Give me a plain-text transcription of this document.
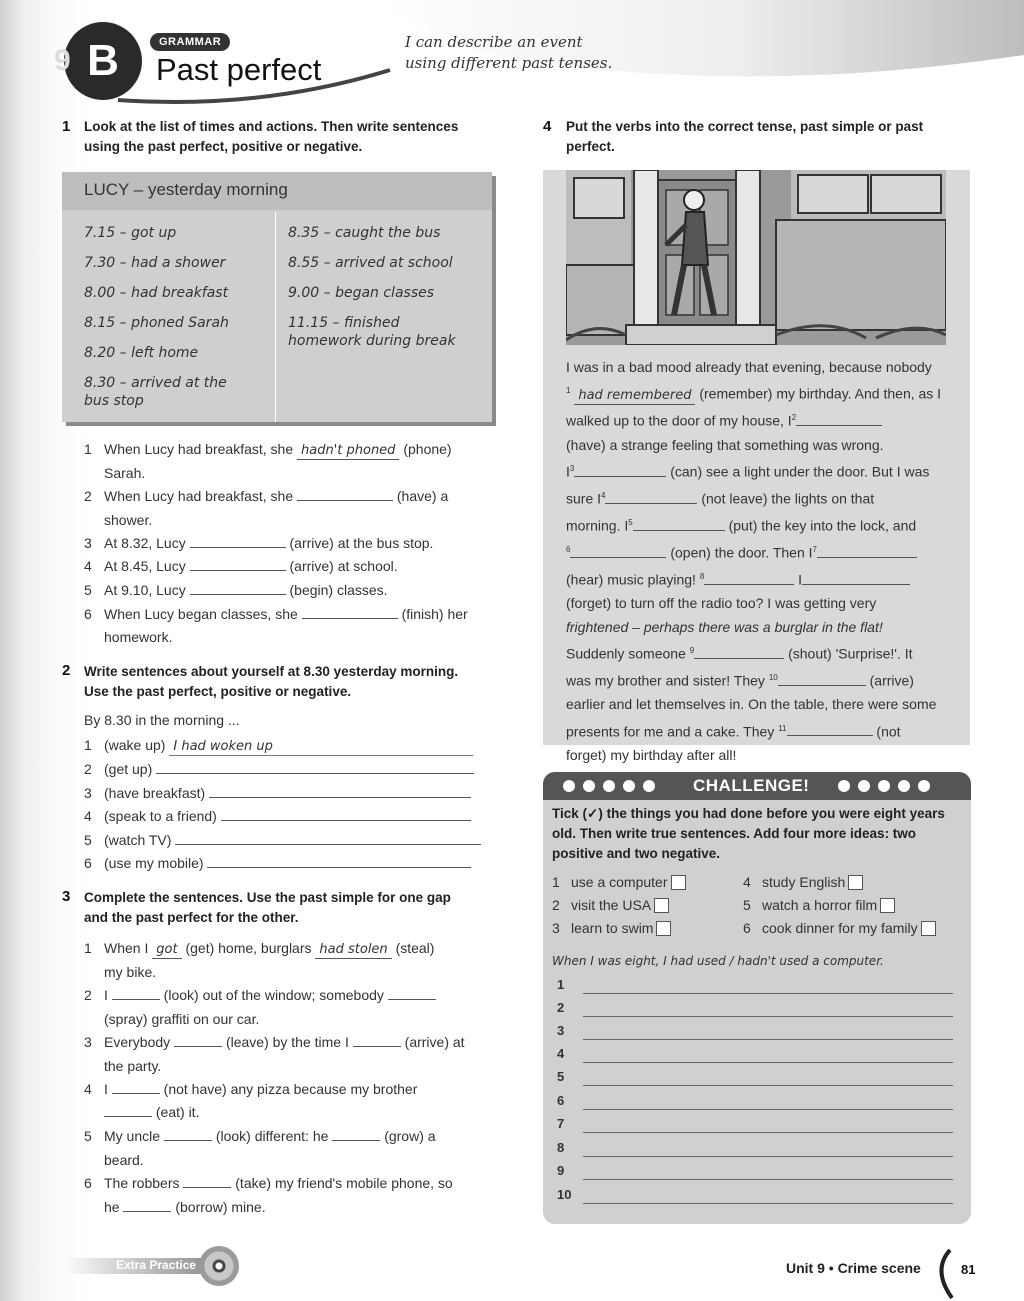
9 B	GRAMMAR
Past perfect
I can describe an event
using different past tenses.
1 Look at the list of times and actions. Then write sentences
using the past perfect, positive or negative.
LUCY – yesterday morning
7.15 – got up
7.30 – had a shower
8.00 – had breakfast
8.15 – phoned Sarah
8.20 – left home
8.30 – arrived at the
bus stop
8.35 – caught the bus
8.55 – arrived at school
9.00 – began classes
11.15 – finished
homework during break
1 When Lucy had breakfast, she hadn't phoned (phone)
Sarah.
2 When Lucy had breakfast, she	(have) a
shower.
3 At 8.32, Lucy	(arrive) at the bus stop.
4 At 8.45, Lucy	(arrive) at school.
5 At 9.10, Lucy	(begin) classes.
6 When Lucy began classes, she	(finish) her
homework.
2 Write sentences about yourself at 8.30 yesterday morning.
Use the past perfect, positive or negative.
By 8.30 in the morning ...
1 (wake up) I had woken up
2 (get up)
3 (have breakfast)
4 (speak to a friend)
5 (watch TV)
6 (use my mobile)
3 Complete the sentences. Use the past simple for one gap
and the past perfect for the other.
1 When I got (get) home, burglars had stolen (steal)
my bike.
2 I	(look) out of the window; somebody
(spray) graffiti on our car.
3 Everybody	(leave) by the time I	(arrive) at
the party.
4 I	(not have) any pizza because my brother
(eat) it.
5 My uncle	(look) different: he	(grow) a
beard.
6 The robbers	(take) my friend's mobile phone, so
he	(borrow) mine.
4 Put the verbs into the correct tense, past simple or past
perfect.
I was in a bad mood already that evening, because nobody
$^1$ had remembered (remember) my birthday. And then, as I
walked up to the door of my house, $I^2$
(have) a strange feeling that something was wrong.
$I^3$	(can) see a light under the door. But I was
sure $I^4$	(not leave) the lights on that
morning. $I^5$	(put) the key into the lock, and
$^6$	(open) the door. Then $I^7$
(hear) music playing! $^8$	I
(forget) to turn off the radio too? I was getting very
frightened – perhaps there was a burglar in the flat!
Suddenly someone $^9$	(shout) 'Surprise!'. It
was my brother and sister! They $^{10}$	(arrive)
earlier and let themselves in. On the table, there were some
presents for me and a cake. They $^{11}$	(not
forget) my birthday after all!
CHALLENGE!
Tick (✓) the things you had done before you were eight years
old. Then write true sentences. Add four more ideas: two
positive and two negative.
1 use a computer
2 visit the USA
3 learn to swim
4 study English
5 watch a horror film
6 cook dinner for my family
When I was eight, I had used / hadn't used a computer.
1
2
3
4
5
6
7
8
9
10
Extra Practice	Unit 9 • Crime scene	81
